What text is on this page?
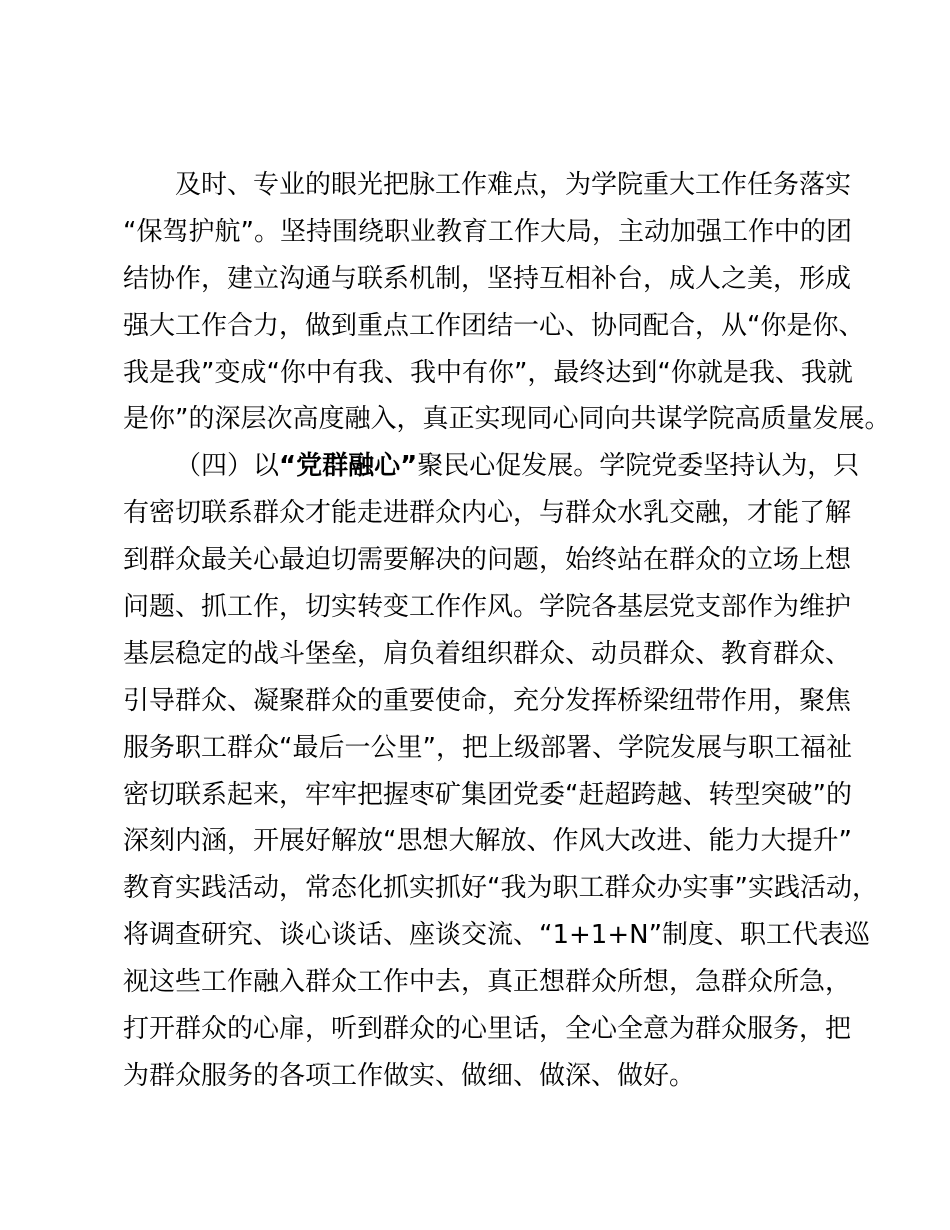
及时、专业的眼光把脉工作难点，为学院重大工作任务落实
“保驾护航”。坚持围绕职业教育工作大局，主动加强工作中的团
结协作，建立沟通与联系机制，坚持互相补台，成人之美，形成
强大工作合力，做到重点工作团结一心、协同配合，从“你是你、
我是我”变成“你中有我、我中有你”，最终达到“你就是我、我就
是你”的深层次高度融入，真正实现同心同向共谋学院高质量发展。
（四）以“党群融心”聚民心促发展。学院党委坚持认为，只
有密切联系群众才能走进群众内心，与群众水乳交融，才能了解
到群众最关心最迫切需要解决的问题，始终站在群众的立场上想
问题、抓工作，切实转变工作作风。学院各基层党支部作为维护
基层稳定的战斗堡垒，肩负着组织群众、动员群众、教育群众、
引导群众、凝聚群众的重要使命，充分发挥桥梁纽带作用，聚焦
服务职工群众“最后一公里”，把上级部署、学院发展与职工福祉
密切联系起来，牢牢把握枣矿集团党委“赶超跨越、转型突破”的
深刻内涵，开展好解放“思想大解放、作风大改进、能力大提升”
教育实践活动，常态化抓实抓好“我为职工群众办实事”实践活动，
将调查研究、谈心谈话、座谈交流、“1+1+N”制度、职工代表巡
视这些工作融入群众工作中去，真正想群众所想，急群众所急，
打开群众的心扉，听到群众的心里话，全心全意为群众服务，把
为群众服务的各项工作做实、做细、做深、做好。
